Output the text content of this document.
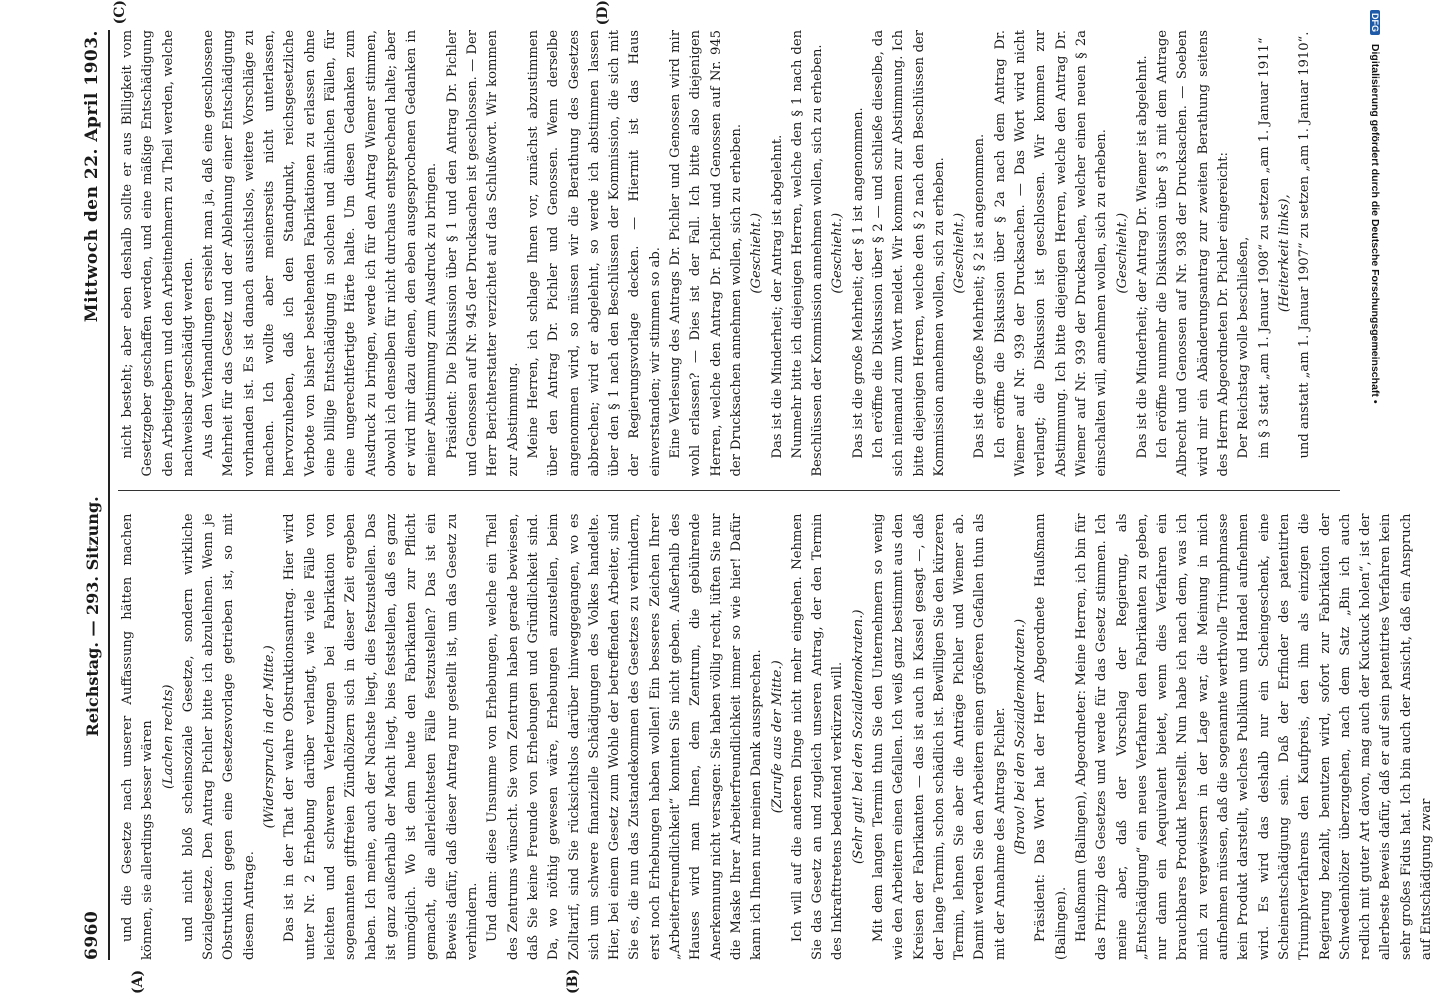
6960
Reichstag. — 293. Sitzung.
Mittwoch den 22. April 1903.
(A)	(B)
(C)	(D)

und die Gesetze nach unserer Auffassung hätten machen können, sie allerdings besser wären (Lachen rechts) und nicht bloß scheinsoziale Gesetze, sondern wirkliche Sozialgesetze. Den Antrag Pichler bitte ich abzulehnen. Wenn je Obstruktion gegen eine Gesetzesvorlage getrieben ist, so mit diesem Antrage.

(Widerspruch in der Mitte.) Das ist in der That der wahre Obstruktionsantrag. Hier wird unter Nr. 2 Erhebung darüber verlangt, wie viele Fälle von leichten und schweren Verletzungen bei Fabrikation von sogenannten giftfreien Zündhölzern sich in dieser Zeit ergeben haben. Ich meine, auch der Nachste liegt, dies festzustellen. Das ist ganz außerhalb der Macht liegt, bies feststellen, daß es ganz unmöglich. Wo ist denn heute den Fabrikanten zur Pflicht gemacht, die allerleichtesten Fälle festzustellen? Das ist ein Beweis dafür, daß dieser Antrag nur gestellt ist, um das Gesetz zu verhindern. Und dann: diese Unsumme von Erhebungen, welche ein Theil des Zentrums wünscht. Sie vom Zentrum haben gerade bewiesen, daß Sie keine Freunde von Erhebungen und Gründlichkeit sind. Da, wo nöthig gewesen wäre, Erhebungen anzustellen, beim Zolltarif, sind Sie rücksichtslos darüber hinweggegangen, wo es sich um schwere finanzielle Schädigungen des Volkes handelte. Hier, bei einem Gesetz zum Wohle der betreffenden Arbeiter, sind Sie es, die nun das Zustandekommen des Gesetzes zu verhindern, erst noch Erhebungen haben wollen! Ein besseres Zeichen Ihrer „Arbeiterfreundlichkeit“ konnten Sie nicht geben. Außerhalb des Hauses wird man Ihnen, dem Zentrum, die gebührende Anerkennung nicht versagen: Sie haben völlig recht, lüften Sie nur die Maske Ihrer Arbeiterfreundlichkeit immer so wie hier! Dafür kann ich Ihnen nur meinen Dank aussprechen. (Zurufe aus der Mitte.) Ich will auf die anderen Dinge nicht mehr eingehen. Nehmen Sie das Gesetz an und zugleich unseren Antrag, der den Termin des Inkrafttretens bedeutend verkürzen will. (Sehr gut! bei den Sozialdemokraten.) Mit dem langen Termin thun Sie den Unternehmern so wenig wie den Arbeitern einen Gefallen. Ich weiß ganz bestimmt aus den Kreisen der Fabrikanten — das ist auch in Kassel gesagt —, daß der lange Termin, schon schädlich ist. Bewilligen Sie den kürzeren Termin, lehnen Sie aber die Anträge Pichler und Wiemer ab. Damit werden Sie den Arbeitern einen größeren Gefallen thun als mit der Annahme des Antrags Pichler. (Bravo! bei den Sozialdemokraten.) Präsident: Das Wort hat der Herr Abgeordnete Haußmann (Balingen). Haußmann (Balingen), Abgeordneter: Meine Herren, ich bin für das Prinzip des Gesetzes und werde für das Gesetz stimmen. Ich meine aber, daß der Vorschlag der Regierung, als „Entschädigung“ ein neues Verfahren den Fabrikanten zu geben, nur dann ein Aequivalent bietet, wenn dies Verfahren ein brauchbares Produkt herstellt. Nun habe ich nach dem, was ich mich zu vergewissern in der Lage war, die Meinung in mich aufnehmen müssen, daß die sogenannte werthvolle Triumphmasse kein Produkt darstellt, welches Publikum und Handel aufnehmen wird. Es wird das deshalb nur ein Scheingeschenk, eine Scheinentschädigung sein. Daß der Erfinder des patentirten Triumphverfahrens den Kaufpreis, den ihm als einzigen die Regierung bezahlt, benutzen wird, sofort zur Fabrikation der Schwedenhölzer überzugehen, nach dem Satz „Bin ich auch redlich mit guter Art davon, mag auch der Kuckuck holen“, ist der allerbeste Beweis dafür, daß er auf sein patentirtes Verfahren kein sehr großes Fidus hat. Ich bin auch der Ansicht, daß ein Anspruch auf Entschädigung zwar

nicht besteht; aber eben deshalb sollte er aus Billigkeit vom Gesetzgeber geschaffen werden, und eine mäßige Entschädigung den Arbeitgebern und den Arbeitnehmern zu Theil werden, welche nachweisbar geschädigt werden. Aus den Verhandlungen ersieht man ja, daß eine geschlossene Mehrheit für das Gesetz und der Ablehnung einer Entschädigung vorhanden ist. Es ist danach aussichtslos, weitere Vorschläge zu machen. Ich wollte aber meinerseits nicht unterlassen, hervorzuheben, daß ich den Standpunkt, reichsgesetzliche Verbote von bisher bestehenden Fabrikationen zu erlassen ohne eine billige Entschädigung in solchen und ähnlichen Fällen, für eine ungerechtfertigte Härte halte. Um diesen Gedanken zum Ausdruck zu bringen, werde ich für den Antrag Wiemer stimmen, obwohl ich denselben für nicht durchaus entsprechend halte; aber er wird mir dazu dienen, den eben ausgesprochenen Gedanken in meiner Abstimmung zum Ausdruck zu bringen. Präsident: Die Diskussion über § 1 und den Antrag Dr. Pichler und Genossen auf Nr. 945 der Drucksachen ist geschlossen. — Der Herr Berichterstatter verzichtet auf das Schlußwort. Wir kommen zur Abstimmung. Meine Herren, ich schlage Ihnen vor, zunächst abzustimmen über den Antrag Dr. Pichler und Genossen. Wenn derselbe angenommen wird, so müssen wir die Berathung des Gesetzes abbrechen; wird er abgelehnt, so werde ich abstimmen lassen über den § 1 nach den Beschlüssen der Kommission, die sich mit der Regierungsvorlage decken. — Hiermit ist das Haus einverstanden; wir stimmen so ab. Eine Verlesung des Antrags Dr. Pichler und Genossen wird mir wohl erlassen? — Dies ist der Fall. Ich bitte also diejenigen Herren, welche den Antrag Dr. Pichler und Genossen auf Nr. 945 der Drucksachen annehmen wollen, sich zu erheben. (Geschieht.) Das ist die Minderheit; der Antrag ist abgelehnt. Nunmehr bitte ich diejenigen Herren, welche den § 1 nach den Beschlüssen der Kommission annehmen wollen, sich zu erheben. (Geschieht.) Das ist die große Mehrheit; der § 1 ist angenommen. Ich eröffne die Diskussion über § 2 — und schließe dieselbe, da sich niemand zum Wort meldet. Wir kommen zur Abstimmung. Ich bitte diejenigen Herren, welche den § 2 nach den Beschlüssen der Kommission annehmen wollen, sich zu erheben. (Geschieht.) Das ist die große Mehrheit; § 2 ist angenommen. Ich eröffne die Diskussion über § 2a nach dem Antrag Dr. Wiemer auf Nr. 939 der Drucksachen. — Das Wort wird nicht verlangt; die Diskussion ist geschlossen. Wir kommen zur Abstimmung. Ich bitte diejenigen Herren, welche den Antrag Dr. Wiemer auf Nr. 939 der Drucksachen, welcher einen neuen § 2a einschalten will, annehmen wollen, sich zu erheben. (Geschieht.) Das ist die Minderheit; der Antrag Dr. Wiemer ist abgelehnt. Ich eröffne nunmehr die Diskussion über § 3 mit dem Antrage Albrecht und Genossen auf Nr. 938 der Drucksachen. — Soeben wird mir ein Abänderungsantrag zur zweiten Berathung seitens des Herrn Abgeordneten Dr. Pichler eingereicht: Der Reichstag wolle beschließen, im § 3 statt „am 1. Januar 1908“ zu setzen „am 1. Januar 1911“ (Heiterkeit links), und anstatt „am 1. Januar 1907“ zu setzen „am 1. Januar 1910“.

DFG Digitalisierung gefördert durch die Deutsche Forschungsgemeinschaft •
